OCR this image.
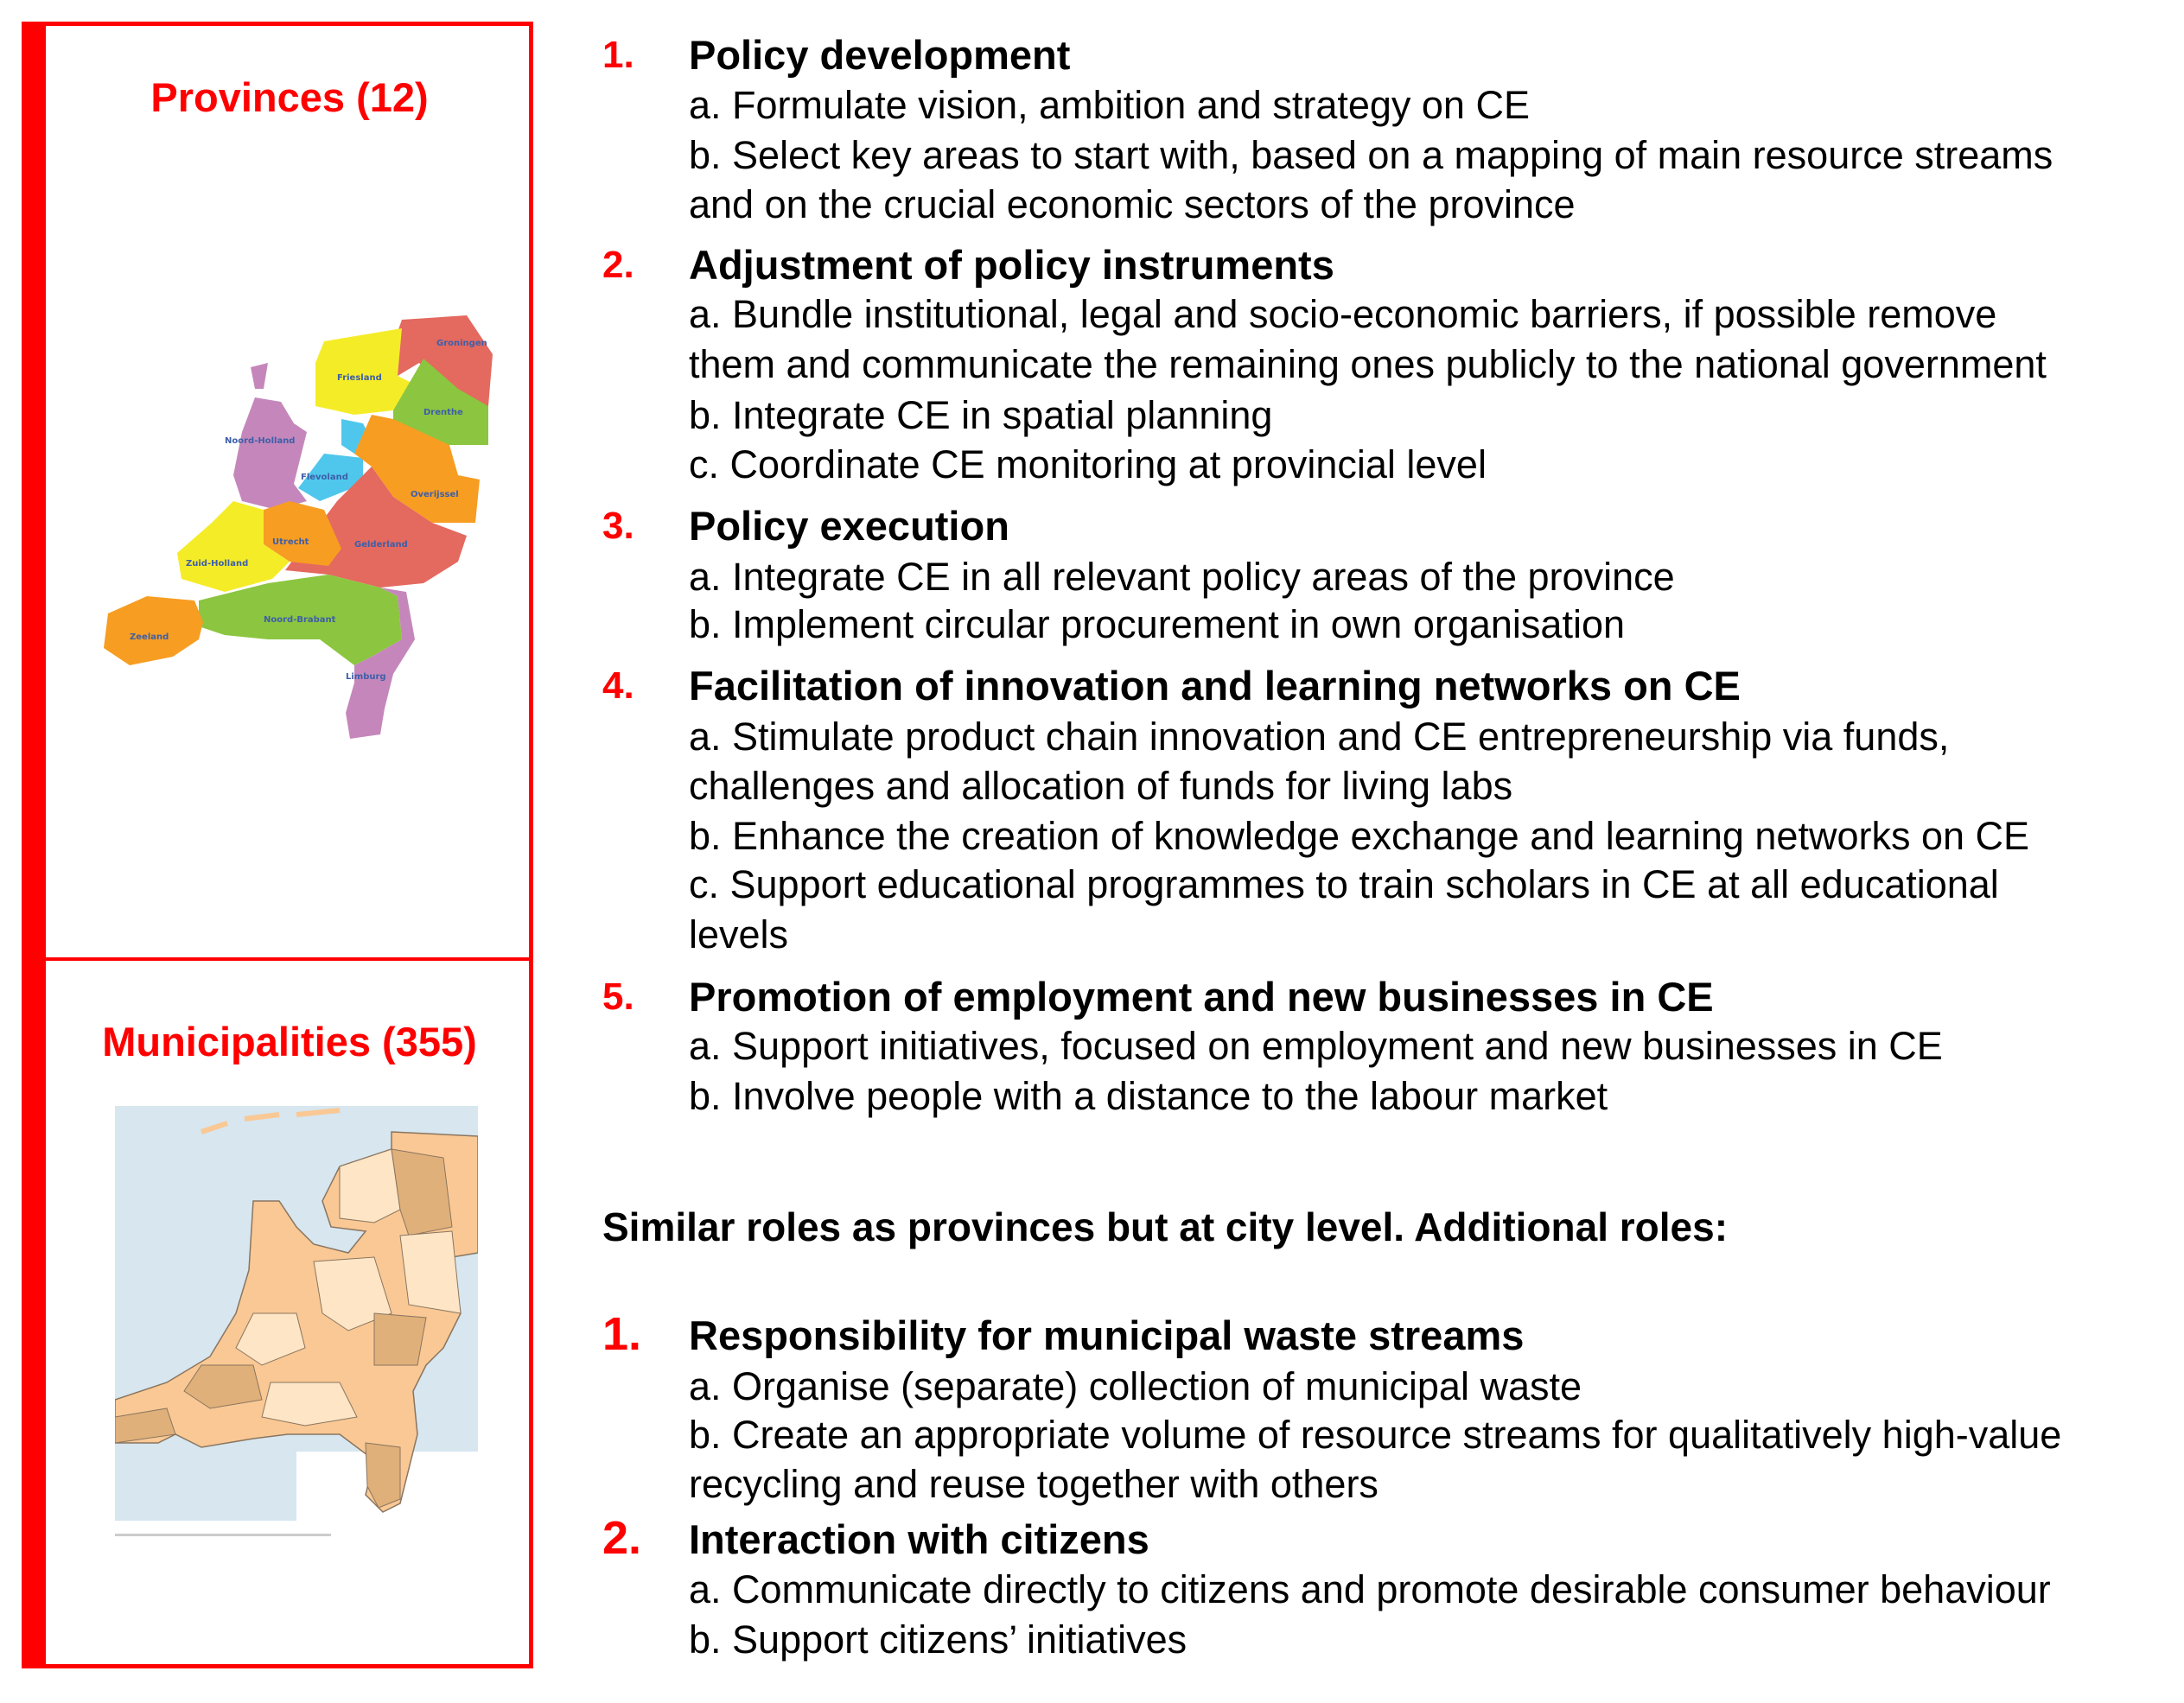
Provinces (12)
Groningen
Friesland
Drenthe
Noord-Holland
Flevoland
Overijssel
Utrecht	Gelderland
Zuid-Holland
Noord-Brabant
Zeeland
Limburg
Municipalities (355)
1. Policy development
a. Formulate vision, ambition and strategy on CE
b. Select key areas to start with, based on a mapping of main resource streams
and on the crucial economic sectors of the province
2. Adjustment of policy instruments
a. Bundle institutional, legal and socio-economic barriers, if possible remove
them and communicate the remaining ones publicly to the national government
b. Integrate CE in spatial planning
c. Coordinate CE monitoring at provincial level
3. Policy execution
a. Integrate CE in all relevant policy areas of the province
b. Implement circular procurement in own organisation
4. Facilitation of innovation and learning networks on CE
a. Stimulate product chain innovation and CE entrepreneurship via funds,
challenges and allocation of funds for living labs
b. Enhance the creation of knowledge exchange and learning networks on CE
c. Support educational programmes to train scholars in CE at all educational
levels
5. Promotion of employment and new businesses in CE
a. Support initiatives, focused on employment and new businesses in CE
b. Involve people with a distance to the labour market
Similar roles as provinces but at city level. Additional roles:
1. Responsibility for municipal waste streams
a. Organise (separate) collection of municipal waste
b. Create an appropriate volume of resource streams for qualitatively high-value
recycling and reuse together with others
2. Interaction with citizens
a. Communicate directly to citizens and promote desirable consumer behaviour
b. Support citizens’ initiatives
